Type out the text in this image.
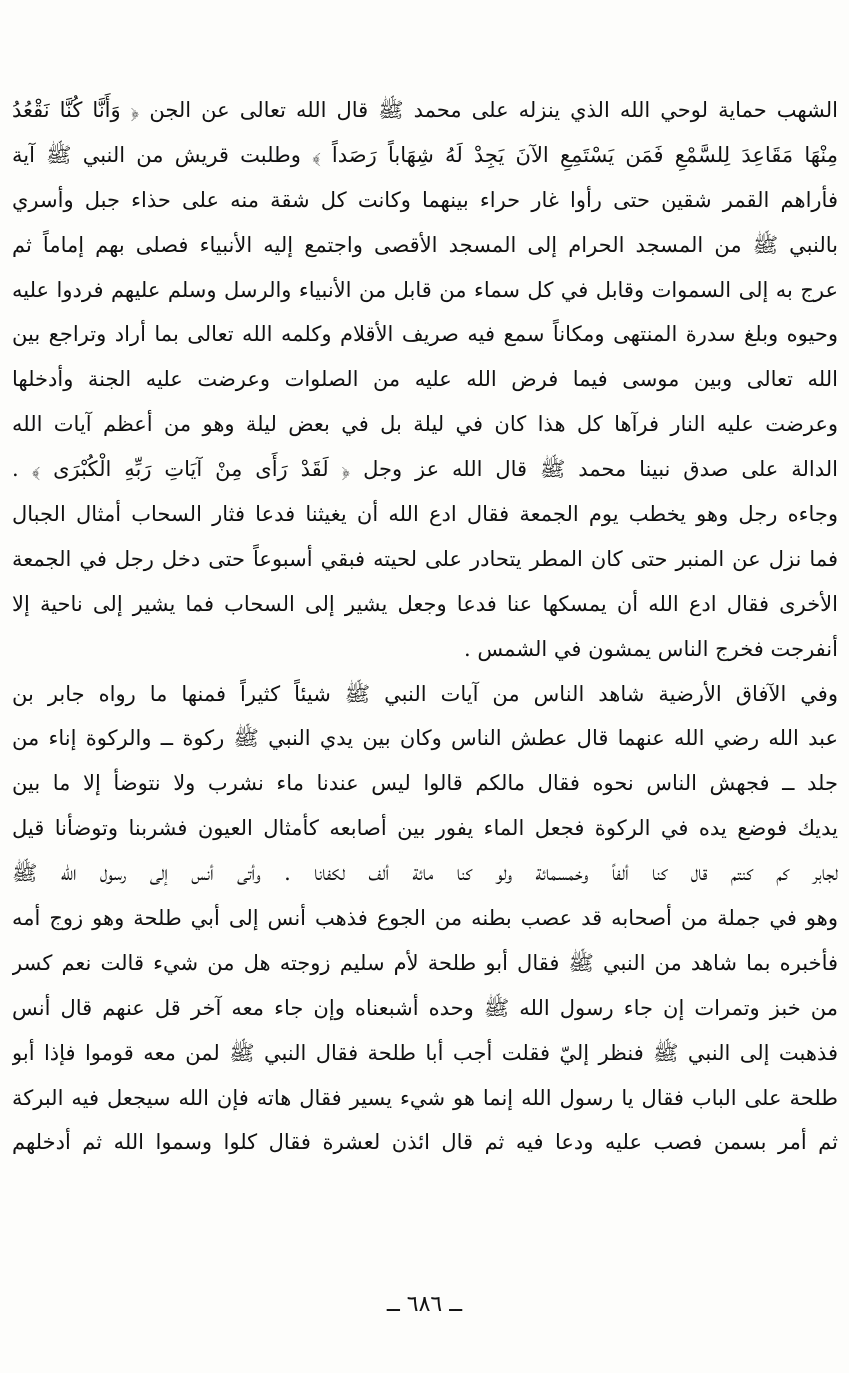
الشهب حماية لوحي الله الذي ينزله على محمد ﷺ قال الله تعالى عن الجن ﴿ وَأَنَّا كُنَّا نَقْعُدُ
مِنْهَا مَقَاعِدَ لِلسَّمْعِ فَمَن يَسْتَمِعِ الآنَ يَجِدْ لَهُ شِهَاباً رَصَداً ﴾ وطلبت قريش من النبي ﷺ آية
فأراهم القمر شقين حتى رأوا غار حراء بينهما وكانت كل شقة منه على حذاء جبل وأسري
بالنبي ﷺ من المسجد الحرام إلى المسجد الأقصى واجتمع إليه الأنبياء فصلى بهم إماماً ثم
عرج به إلى السموات وقابل في كل سماء من قابل من الأنبياء والرسل وسلم عليهم فردوا عليه
وحيوه وبلغ سدرة المنتهى ومكاناً سمع فيه صريف الأقلام وكلمه الله تعالى بما أراد وتراجع بين
الله تعالى وبين موسى فيما فرض الله عليه من الصلوات وعرضت عليه الجنة وأدخلها
وعرضت عليه النار فرآها كل هذا كان في ليلة بل في بعض ليلة وهو من أعظم آيات الله
الدالة على صدق نبينا محمد ﷺ قال الله عز وجل ﴿ لَقَدْ رَأَى مِنْ آيَاتِ رَبِّهِ الْكُبْرَى ﴾ .
وجاءه رجل وهو يخطب يوم الجمعة فقال ادع الله أن يغيثنا فدعا فثار السحاب أمثال الجبال
فما نزل عن المنبر حتى كان المطر يتحادر على لحيته فبقي أسبوعاً حتى دخل رجل في الجمعة
الأخرى فقال ادع الله أن يمسكها عنا فدعا وجعل يشير إلى السحاب فما يشير إلى ناحية إلا
أنفرجت فخرج الناس يمشون في الشمس .
وفي الآفاق الأرضية شاهد الناس من آيات النبي ﷺ شيئاً كثيراً فمنها ما رواه جابر بن
عبد الله رضي الله عنهما قال عطش الناس وكان بين يدي النبي ﷺ ركوة ــ والركوة إناء من
جلد ــ فجهش الناس نحوه فقال مالكم قالوا ليس عندنا ماء نشرب ولا نتوضأ إلا ما بين
يديك فوضع يده في الركوة فجعل الماء يفور بين أصابعه كأمثال العيون فشربنا وتوضأنا قيل
لجابر كم كنتم قال كنا ألفاً وخمسمائة ولو كنا مائة ألف لكفانا . وأتى أنس إلى رسول الله ﷺ
وهو في جملة من أصحابه قد عصب بطنه من الجوع فذهب أنس إلى أبي طلحة وهو زوج أمه
فأخبره بما شاهد من النبي ﷺ فقال أبو طلحة لأم سليم زوجته هل من شيء قالت نعم كسر
من خبز وتمرات إن جاء رسول الله ﷺ وحده أشبعناه وإن جاء معه آخر قل عنهم قال أنس
فذهبت إلى النبي ﷺ فنظر إليّ فقلت أجب أبا طلحة فقال النبي ﷺ لمن معه قوموا فإذا أبو
طلحة على الباب فقال يا رسول الله إنما هو شيء يسير فقال هاته فإن الله سيجعل فيه البركة
ثم أمر بسمن فصب عليه ودعا فيه ثم قال ائذن لعشرة فقال كلوا وسموا الله ثم أدخلهم
ــ ٦٨٦ ــ
